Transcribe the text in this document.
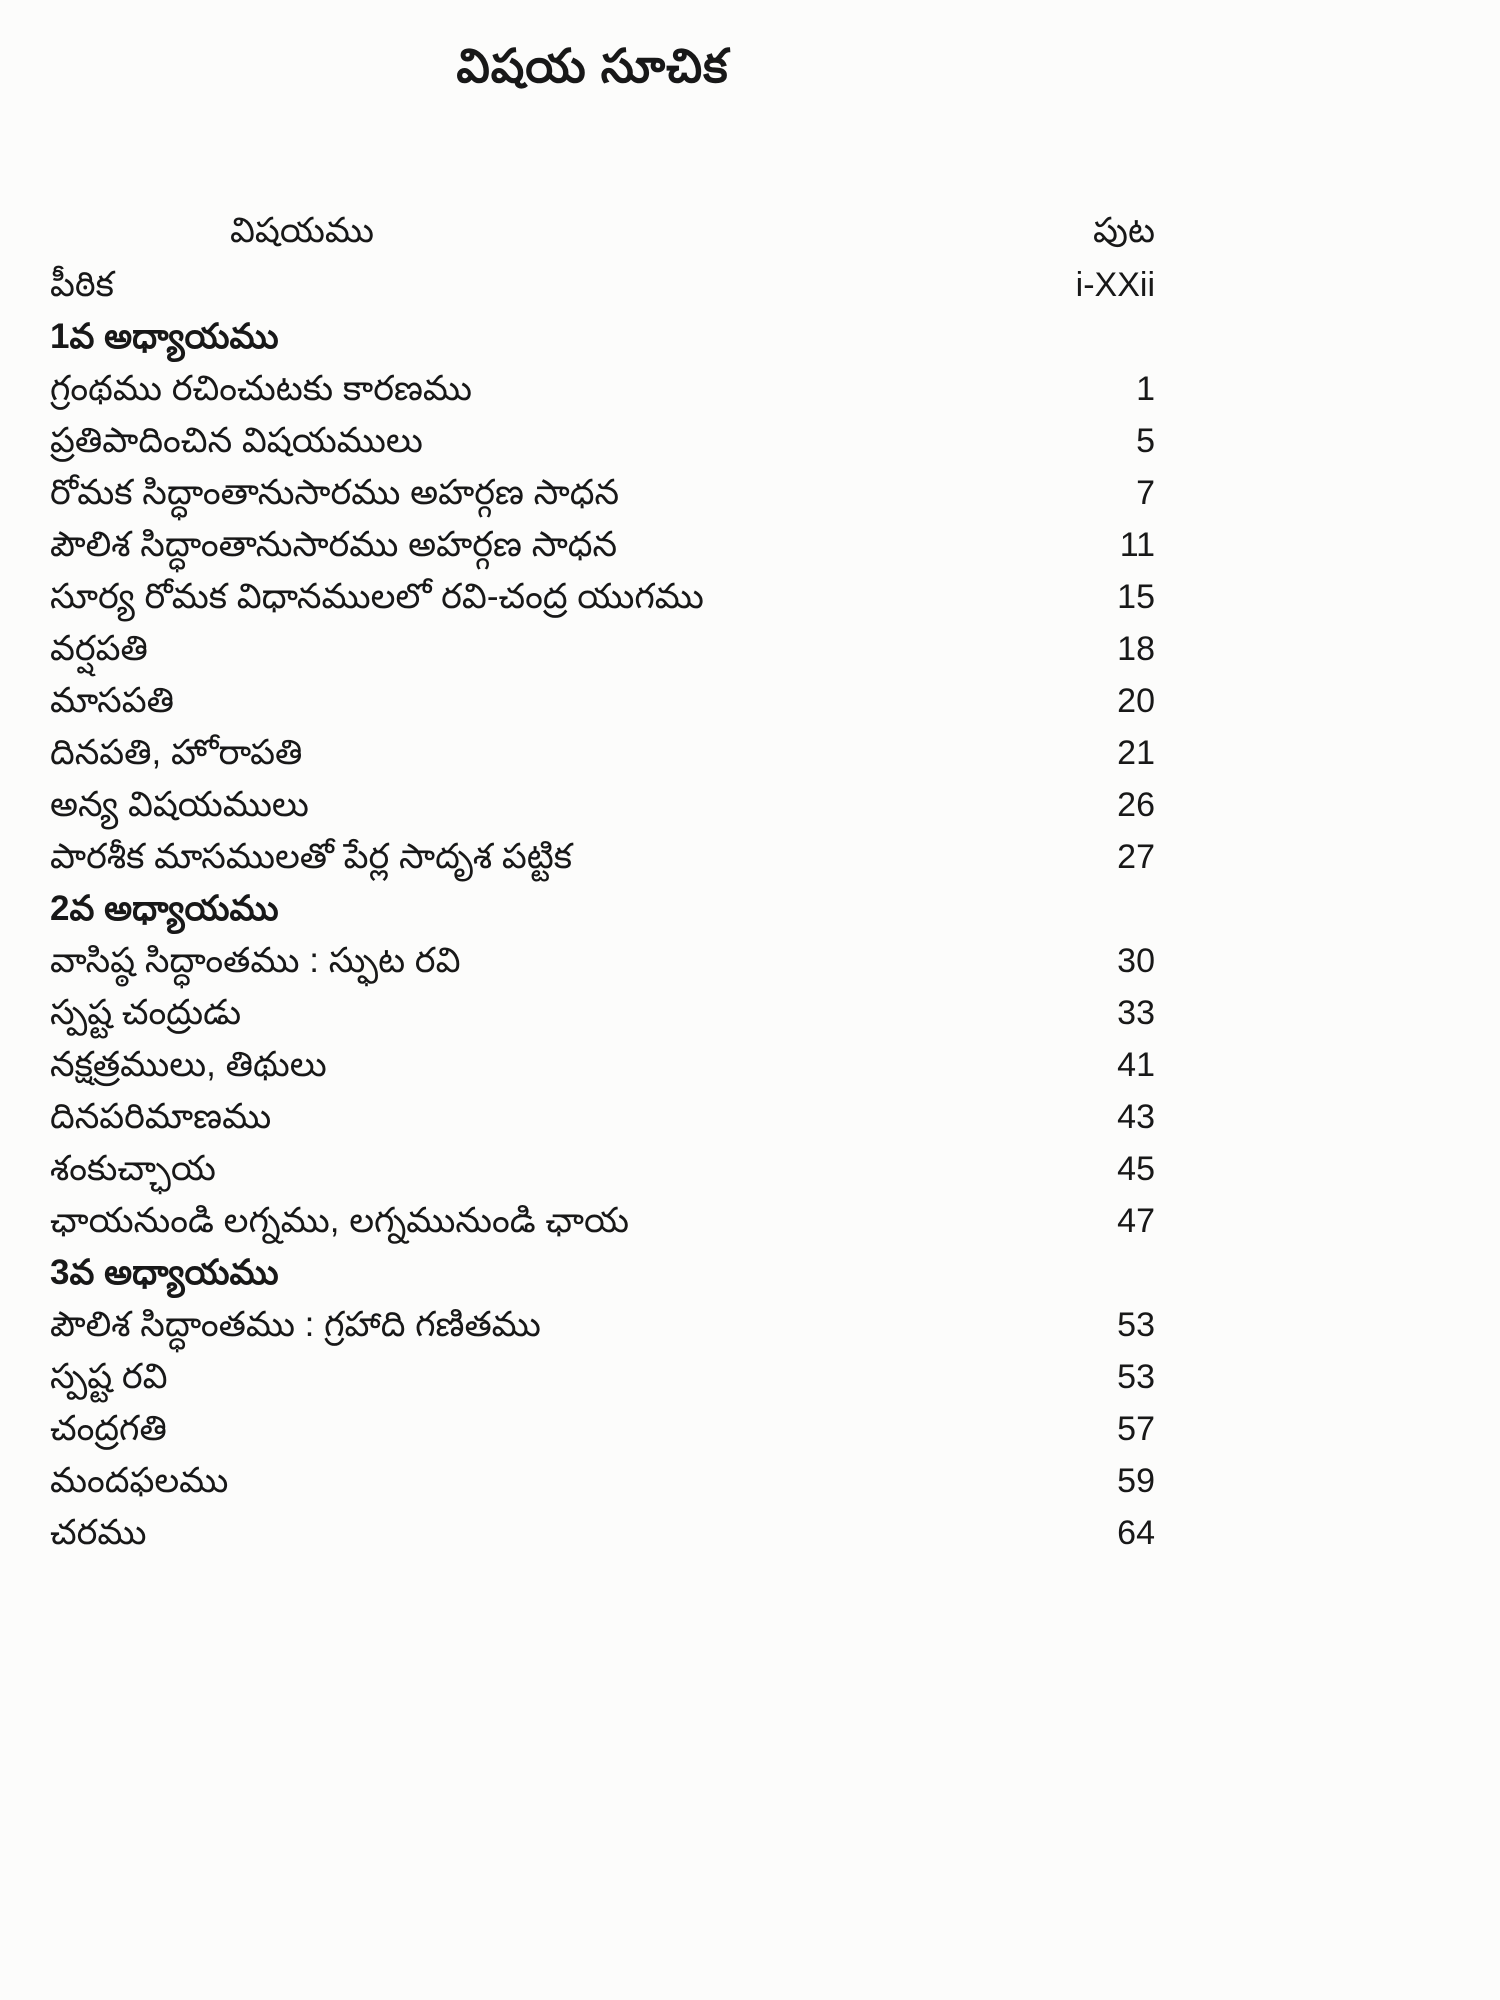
విషయ సూచిక
విషయము	పుట
పీఠిక	i-XXii
1వ అధ్యాయము
గ్రంథము రచించుటకు కారణము	1
ప్రతిపాదించిన విషయములు	5
రోమక సిద్ధాంతానుసారము అహర్గణ సాధన	7
పౌలిశ సిద్ధాంతానుసారము అహర్గణ సాధన	11
సూర్య రోమక విధానములలో రవి-చంద్ర యుగము	15
వర్షపతి	18
మాసపతి	20
దినపతి, హోరాపతి	21
అన్య విషయములు	26
పారశీక మాసములతో పేర్ల సాదృశ పట్టిక	27
2వ అధ్యాయము
వాసిష్ఠ సిద్ధాంతము : స్ఫుట రవి	30
స్పష్ట చంద్రుడు	33
నక్షత్రములు, తిథులు	41
దినపరిమాణము	43
శంకుచ్ఛాయ	45
ఛాయనుండి లగ్నము, లగ్నమునుండి ఛాయ	47
3వ అధ్యాయము
పౌలిశ సిద్ధాంతము : గ్రహాది గణితము	53
స్పష్ట రవి	53
చంద్రగతి	57
మందఫలము	59
చరము	64
